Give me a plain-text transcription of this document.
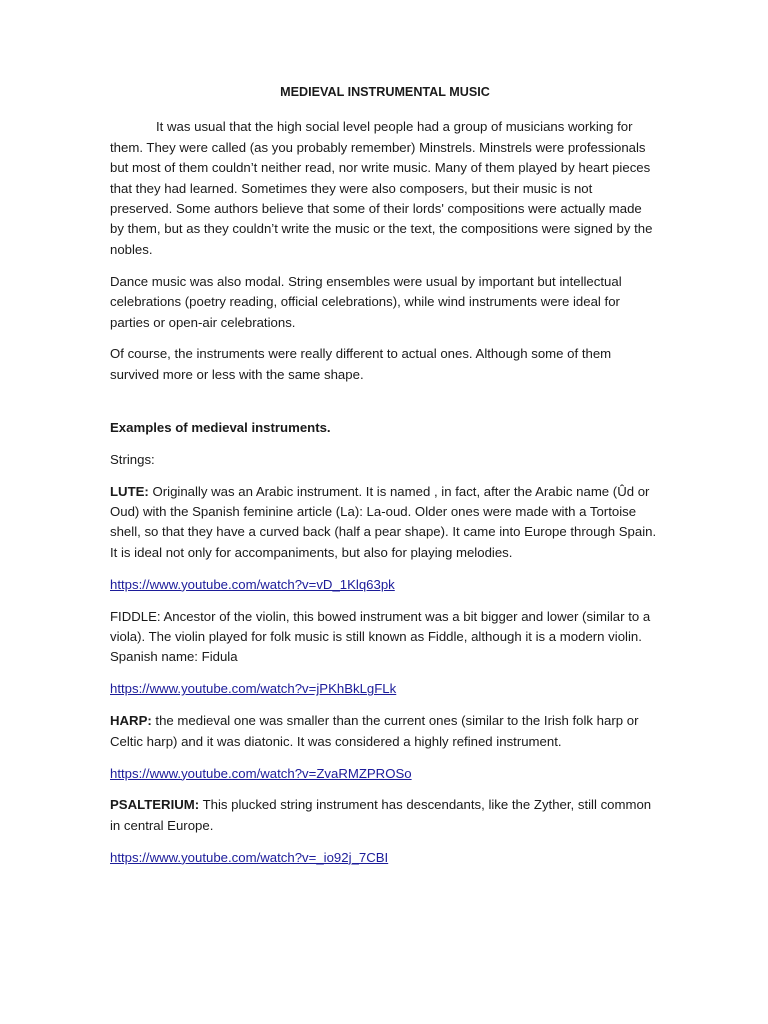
MEDIEVAL INSTRUMENTAL MUSIC

It was usual that the high social level people had a group of musicians working for them. They were called (as you probably remember) Minstrels. Minstrels were professionals but most of them couldn’t neither read, nor write music. Many of them played by heart pieces that they had learned. Sometimes they were also composers, but their music is not preserved. Some authors believe that some of their lords' compositions were actually made by them, but as they couldn’t write the music or the text, the compositions were signed by the nobles.

Dance music was also modal. String ensembles were usual by important but intellectual celebrations (poetry reading, official celebrations), while wind instruments were ideal for parties or open-air celebrations.

Of course, the instruments were really different to actual ones. Although some of them survived more or less with the same shape.

Examples of medieval instruments.

Strings:

LUTE: Originally was an Arabic instrument. It is named , in fact, after the Arabic name (Ûd or Oud) with the Spanish feminine article (La): La-oud. Older ones were made with a Tortoise shell, so that they have a curved back (half a pear shape). It came into Europe through Spain. It is ideal not only for accompaniments, but also for playing melodies.

https://www.youtube.com/watch?v=vD_1Klq63pk

FIDDLE: Ancestor of the violin, this bowed instrument was a bit bigger and lower (similar to a viola). The violin played for folk music is still known as Fiddle, although it is a modern violin. Spanish name: Fidula

https://www.youtube.com/watch?v=jPKhBkLgFLk

HARP: the medieval one was smaller than the current ones (similar to the Irish folk harp or Celtic harp) and it was diatonic. It was considered a highly refined instrument.

https://www.youtube.com/watch?v=ZvaRMZPROSo

PSALTERIUM: This plucked string instrument has descendants, like the Zyther, still common in central Europe.

https://www.youtube.com/watch?v=_io92j_7CBI
